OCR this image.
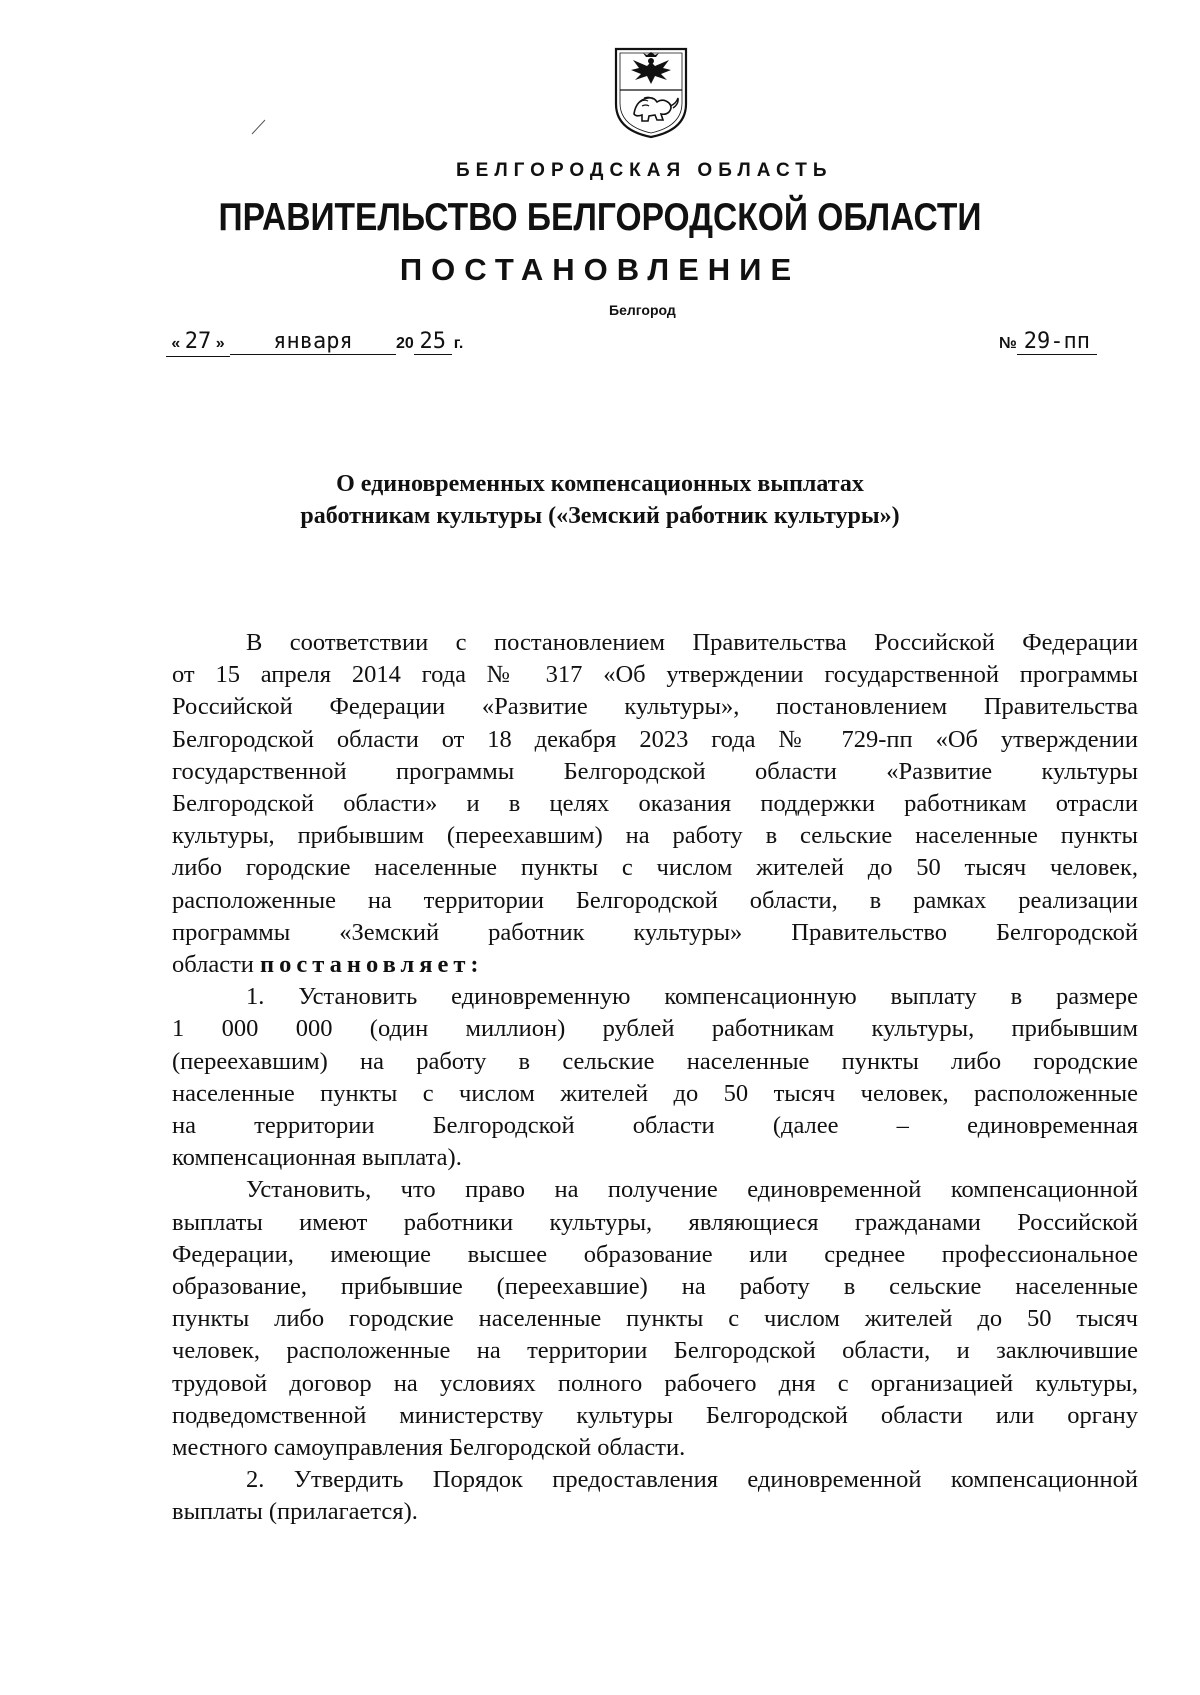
БЕЛГОРОДСКАЯ ОБЛАСТЬ

ПРАВИТЕЛЬСТВО БЕЛГОРОДСКОЙ ОБЛАСТИ
ПОСТАНОВЛЕНИЕ

Белгород

« 27 » января	20 25 г.	№ 29-пп
О единовременных компенсационных выплатах
работникам культуры («Земский работник культуры»)
В соответствии с постановлением Правительства Российской Федерации
от 15 апреля 2014 года № 317 «Об утверждении государственной программы
Российской Федерации «Развитие культуры», постановлением Правительства
Белгородской области от 18 декабря 2023 года № 729-пп «Об утверждении
государственной программы Белгородской области «Развитие культуры
Белгородской области» и в целях оказания поддержки работникам отрасли
культуры, прибывшим (переехавшим) на работу в сельские населенные пункты
либо городские населенные пункты с числом жителей до 50 тысяч человек,
расположенные на территории Белгородской области, в рамках реализации
программы «Земский работник культуры» Правительство Белгородской
области постановляет:
1. Установить единовременную компенсационную выплату в размере
1 000 000 (один миллион) рублей работникам культуры, прибывшим
(переехавшим) на работу в сельские населенные пункты либо городские
населенные пункты с числом жителей до 50 тысяч человек, расположенные
на территории Белгородской области (далее – единовременная
компенсационная выплата).
Установить, что право на получение единовременной компенсационной
выплаты имеют работники культуры, являющиеся гражданами Российской
Федерации, имеющие высшее образование или среднее профессиональное
образование, прибывшие (переехавшие) на работу в сельские населенные
пункты либо городские населенные пункты с числом жителей до 50 тысяч
человек, расположенные на территории Белгородской области, и заключившие
трудовой договор на условиях полного рабочего дня с организацией культуры,
подведомственной министерству культуры Белгородской области или органу
местного самоуправления Белгородской области.
2. Утвердить Порядок предоставления единовременной компенсационной
выплаты (прилагается).
